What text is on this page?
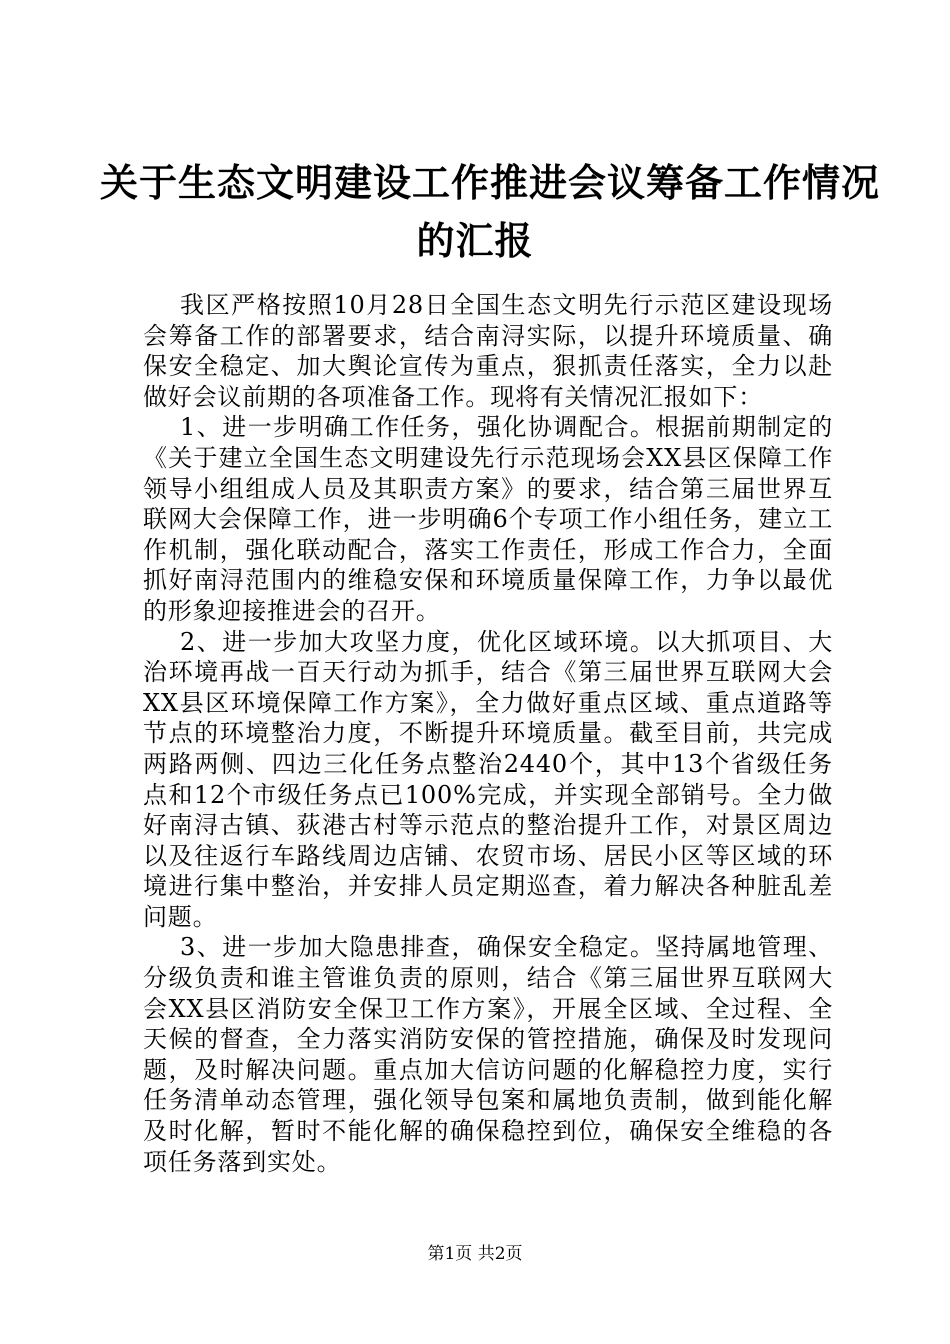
关于生态文明建设工作推进会议筹备工作情况
的汇报

我区严格按照10月28日全国生态文明先行示范区建设现场会筹备工作的部署要求，结合南浔实际，以提升环境质量、确保安全稳定、加大舆论宣传为重点，狠抓责任落实，全力以赴做好会议前期的各项准备工作。现将有关情况汇报如下：

1、进一步明确工作任务，强化协调配合。根据前期制定的《关于建立全国生态文明建设先行示范现场会XX县区保障工作领导小组组成人员及其职责方案》的要求，结合第三届世界互联网大会保障工作，进一步明确6个专项工作小组任务，建立工作机制，强化联动配合，落实工作责任，形成工作合力，全面抓好南浔范围内的维稳安保和环境质量保障工作，力争以最优的形象迎接推进会的召开。

2、进一步加大攻坚力度，优化区域环境。以大抓项目、大治环境再战一百天行动为抓手，结合《第三届世界互联网大会XX县区环境保障工作方案》，全力做好重点区域、重点道路等节点的环境整治力度，不断提升环境质量。截至目前，共完成两路两侧、四边三化任务点整治2440个，其中13个省级任务点和12个市级任务点已100%完成，并实现全部销号。全力做好南浔古镇、荻港古村等示范点的整治提升工作，对景区周边以及往返行车路线周边店铺、农贸市场、居民小区等区域的环境进行集中整治，并安排人员定期巡查，着力解决各种脏乱差问题。

3、进一步加大隐患排查，确保安全稳定。坚持属地管理、分级负责和谁主管谁负责的原则，结合《第三届世界互联网大会XX县区消防安全保卫工作方案》，开展全区域、全过程、全天候的督查，全力落实消防安保的管控措施，确保及时发现问题，及时解决问题。重点加大信访问题的化解稳控力度，实行任务清单动态管理，强化领导包案和属地负责制，做到能化解及时化解，暂时不能化解的确保稳控到位，确保安全维稳的各项任务落到实处。

第1页 共2页
